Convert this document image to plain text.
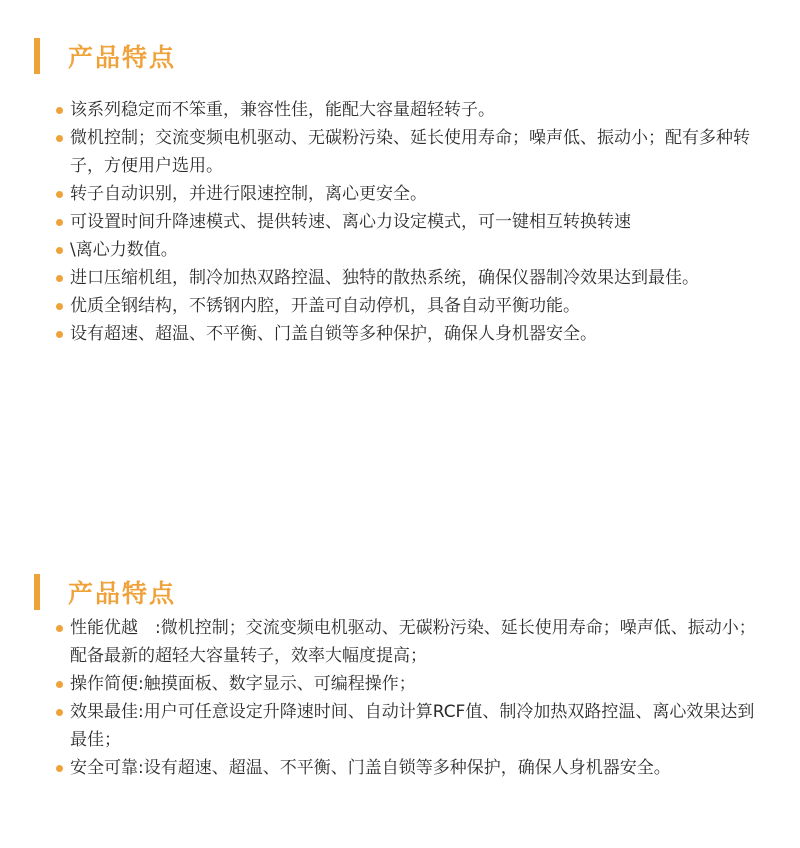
产品特点
该系列稳定而不笨重，兼容性佳，能配大容量超轻转子。
微机控制；交流变频电机驱动、无碳粉污染、延长使用寿命；噪声低、振动小；配有多种转子，方便用户选用。
转子自动识别，并进行限速控制，离心更安全。
可设置时间升降速模式、提供转速、离心力设定模式，可一键相互转换转速
\离心力数值。
进口压缩机组，制冷加热双路控温、独特的散热系统，确保仪器制冷效果达到最佳。
优质全钢结构，不锈钢内腔，开盖可自动停机，具备自动平衡功能。
设有超速、超温、不平衡、门盖自锁等多种保护，确保人身机器安全。
产品特点
性能优越　:微机控制；交流变频电机驱动、无碳粉污染、延长使用寿命；噪声低、振动小；配备最新的超轻大容量转子，效率大幅度提高；
操作简便:触摸面板、数字显示、可编程操作；
效果最佳:用户可任意设定升降速时间、自动计算RCF值、制冷加热双路控温、离心效果达到最佳；
安全可靠:设有超速、超温、不平衡、门盖自锁等多种保护，确保人身机器安全。
